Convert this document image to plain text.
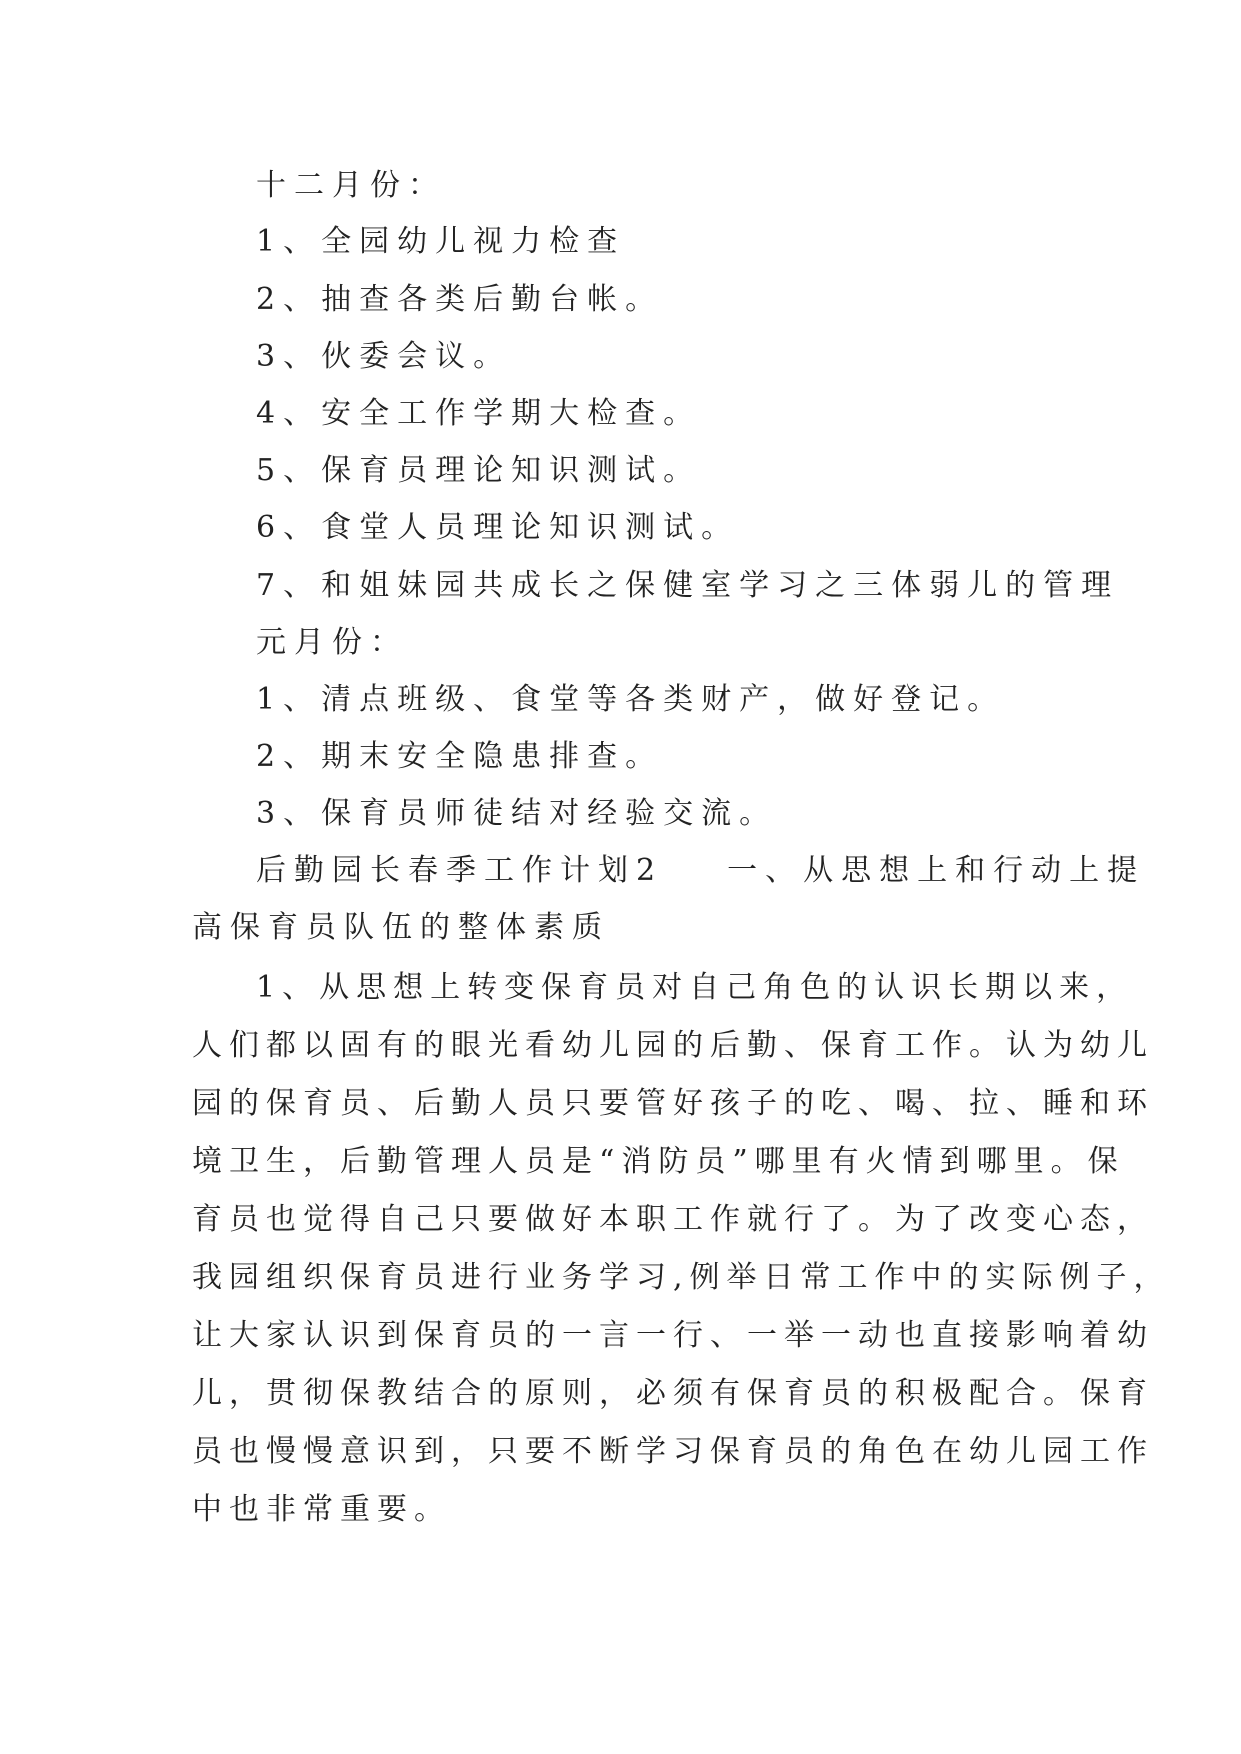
十二月份：
1、全园幼儿视力检查
2、抽查各类后勤台帐。
3、伙委会议。
4、安全工作学期大检查。
5、保育员理论知识测试。
6、食堂人员理论知识测试。
7、和姐妹园共成长之保健室学习之三体弱儿的管理
元月份：
1、清点班级、食堂等各类财产，做好登记。
2、期末安全隐患排查。
3、保育员师徒结对经验交流。
后勤园长春季工作计划2 一、从思想上和行动上提
高保育员队伍的整体素质
1、从思想上转变保育员对自己角色的认识长期以来，
人们都以固有的眼光看幼儿园的后勤、保育工作。认为幼儿
园的保育员、后勤人员只要管好孩子的吃、喝、拉、睡和环
境卫生，后勤管理人员是“消防员”哪里有火情到哪里。保
育员也觉得自己只要做好本职工作就行了。为了改变心态，
我园组织保育员进行业务学习,例举日常工作中的实际例子，
让大家认识到保育员的一言一行、一举一动也直接影响着幼
儿，贯彻保教结合的原则，必须有保育员的积极配合。保育
员也慢慢意识到，只要不断学习保育员的角色在幼儿园工作
中也非常重要。
